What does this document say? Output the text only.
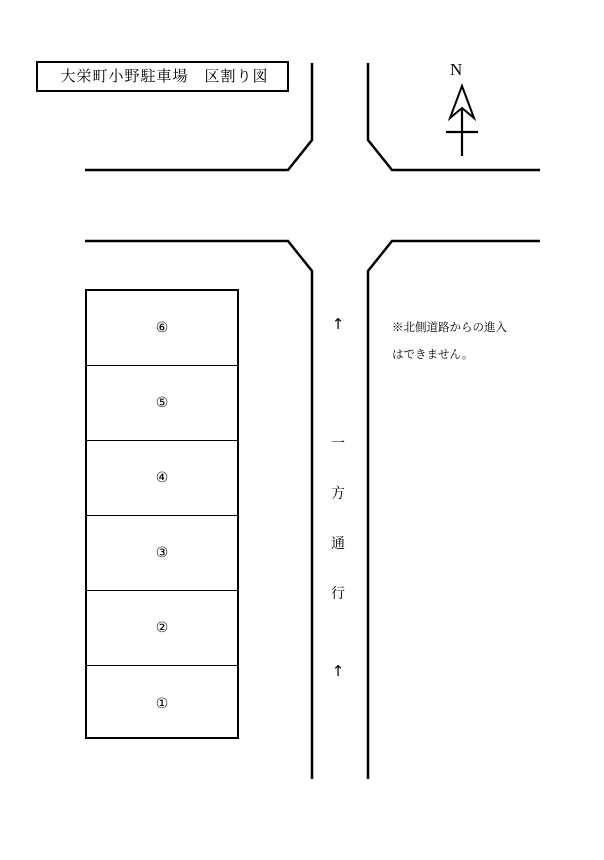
大栄町小野駐車場　区割り図	N
※北側道路からの進入
はできません。
↑
一
方
通
行
↑
⑥
⑤
④
③
②
①
